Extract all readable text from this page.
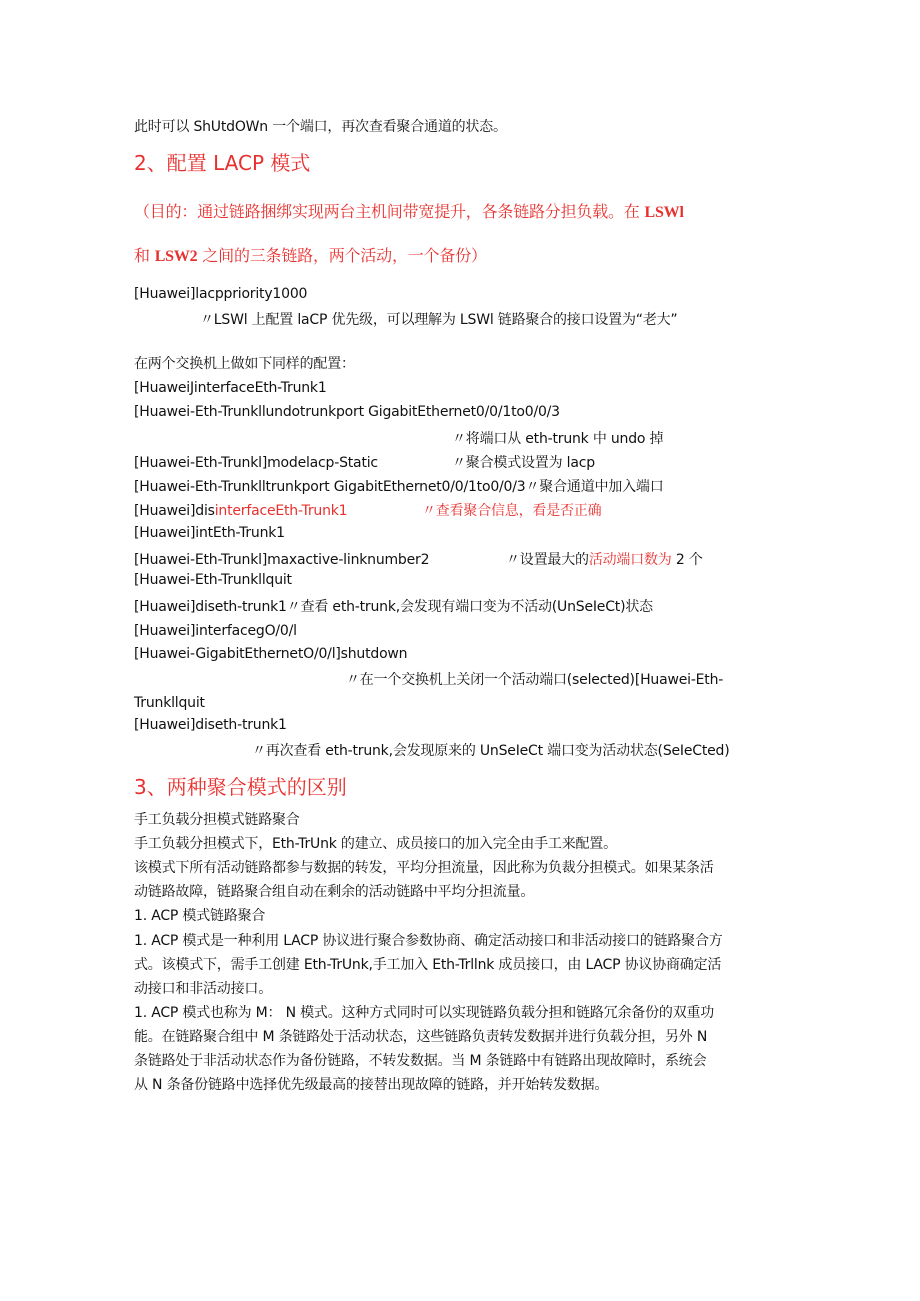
此时可以 ShUtdOWn 一个端口，再次查看聚合通道的状态。
2、配置 LACP 模式
（目的：通过链路捆绑实现两台主机间带宽提升，各条链路分担负载。在 LSWl
和 LSW2 之间的三条链路，两个活动，一个备份）
[Huawei]lacppriority1000
〃LSWl 上配置 laCP 优先级，可以理解为 LSWl 链路聚合的接口设置为“老大”
在两个交换机上做如下同样的配置：
[HuaweiJinterfaceEth-Trunk1
[Huawei-Eth-Trunkllundotrunkport GigabitEthernet0/0/1to0/0/3
〃将端口从 eth-trunk 中 undo 掉
[Huawei-Eth-Trunkl]modelacp-Static	〃聚合模式设置为 lacp
[Huawei-Eth-Trunklltrunkport GigabitEthernet0/0/1to0/0/3〃聚合通道中加入端口
[Huawei]disinterfaceEth-Trunk1	〃查看聚合信息，看是否正确
[Huawei]intEth-Trunk1
[Huawei-Eth-Trunkl]maxactive-linknumber2	〃设置最大的活动端口数为 2 个
[Huawei-Eth-Trunkllquit
[Huawei]diseth-trunk1〃查看 eth-trunk,会发现有端口变为不活动(UnSeIeCt)状态
[Huawei]interfacegO/0/l
[Huawei-GigabitEthernetO/0/l]shutdown
〃在一个交换机上关闭一个活动端口(selected)[Huawei-Eth-
Trunkllquit
[Huawei]diseth-trunk1
〃再次查看 eth-trunk,会发现原来的 UnSeIeCt 端口变为活动状态(SeIeCted)
3、两种聚合模式的区别
手工负载分担模式链路聚合
手工负载分担模式下，Eth-TrUnk 的建立、成员接口的加入完全由手工来配置。
该模式下所有活动链路都参与数据的转发，平均分担流量，因此称为负裁分担模式。如果某条活
动链路故障，链路聚合组自动在剩余的活动链路中平均分担流量。
1. ACP 模式链路聚合
1. ACP 模式是一种利用 LACP 协议进行聚合参数协商、确定活动接口和非活动接口的链路聚合方
式。该模式下，需手工创建 Eth-TrUnk,手工加入 Eth-Trllnk 成员接口，由 LACP 协议协商确定活
动接口和非活动接口。
1. ACP 模式也称为 M： N 模式。这种方式同时可以实现链路负载分担和链路冗余备份的双重功
能。在链路聚合组中 M 条链路处于活动状态，这些链路负责转发数据并进行负载分担，另外 N
条链路处于非活动状态作为备份链路，不转发数据。当 M 条链路中有链路出现故障时，系统会
从 N 条备份链路中选择优先级最高的接替出现故障的链路，并开始转发数据。
